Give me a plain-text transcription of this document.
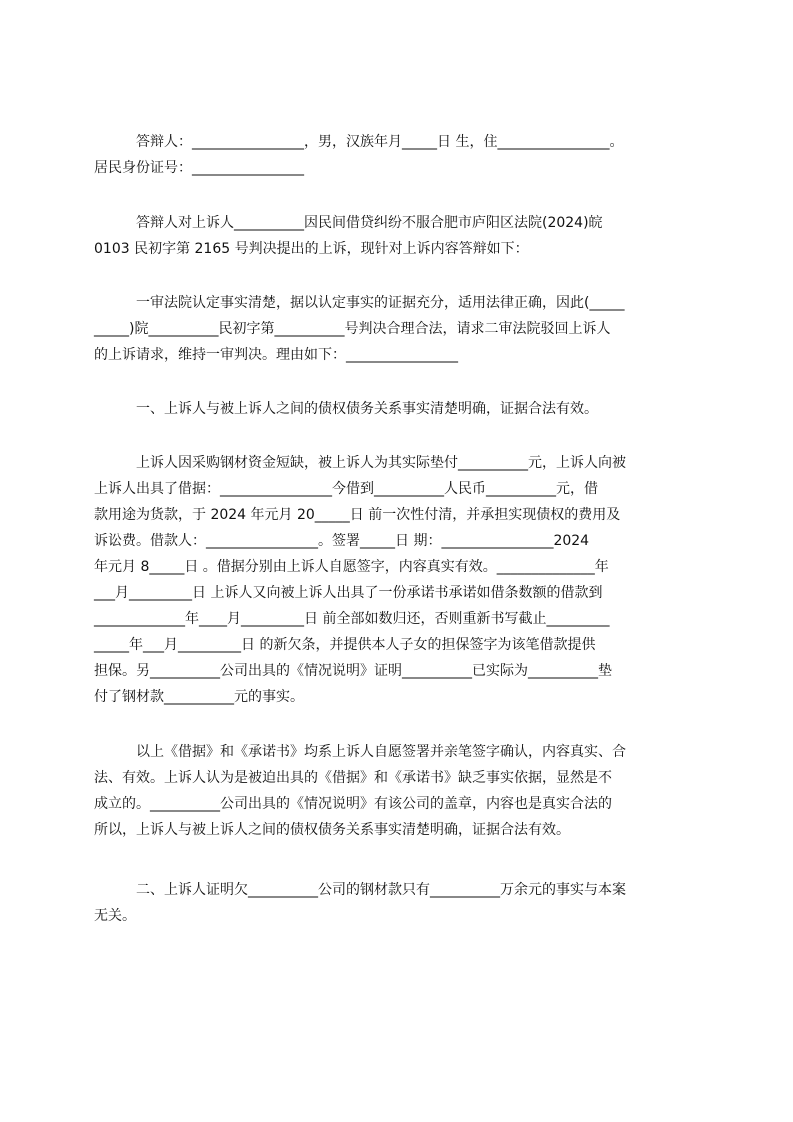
答辩人：________________，男，汉族年月_____日 生，住________________。

居民身份证号：________________

答辩人对上诉人__________因民间借贷纠纷不服合肥市庐阳区法院(2024)皖

0103 民初字第 2165 号判决提出的上诉，现针对上诉内容答辩如下：

一审法院认定事实清楚，据以认定事实的证据充分，适用法律正确，因此(_____

_____)院__________民初字第__________号判决合理合法，请求二审法院驳回上诉人

的上诉请求，维持一审判决。理由如下：________________

一、上诉人与被上诉人之间的债权债务关系事实清楚明确，证据合法有效。

上诉人因采购钢材资金短缺，被上诉人为其实际垫付__________元，上诉人向被

上诉人出具了借据：________________今借到__________人民币__________元，借

款用途为货款，于 2024 年元月 20_____日 前一次性付清，并承担实现债权的费用及

诉讼费。借款人：________________。签署_____日 期：________________2024

年元月 8_____日 。借据分别由上诉人自愿签字，内容真实有效。______________年

___月_________日 上诉人又向被上诉人出具了一份承诺书承诺如借条数额的借款到

_____________年____月_________日 前全部如数归还，否则重新书写截止_________

_____年___月_________日 的新欠条，并提供本人子女的担保签字为该笔借款提供

担保。另__________公司出具的《情况说明》证明__________已实际为__________垫

付了钢材款__________元的事实。

以上《借据》和《承诺书》均系上诉人自愿签署并亲笔签字确认，内容真实、合

法、有效。上诉人认为是被迫出具的《借据》和《承诺书》缺乏事实依据，显然是不

成立的。__________公司出具的《情况说明》有该公司的盖章，内容也是真实合法的

所以，上诉人与被上诉人之间的债权债务关系事实清楚明确，证据合法有效。

二、上诉人证明欠__________公司的钢材款只有__________万余元的事实与本案

无关。
